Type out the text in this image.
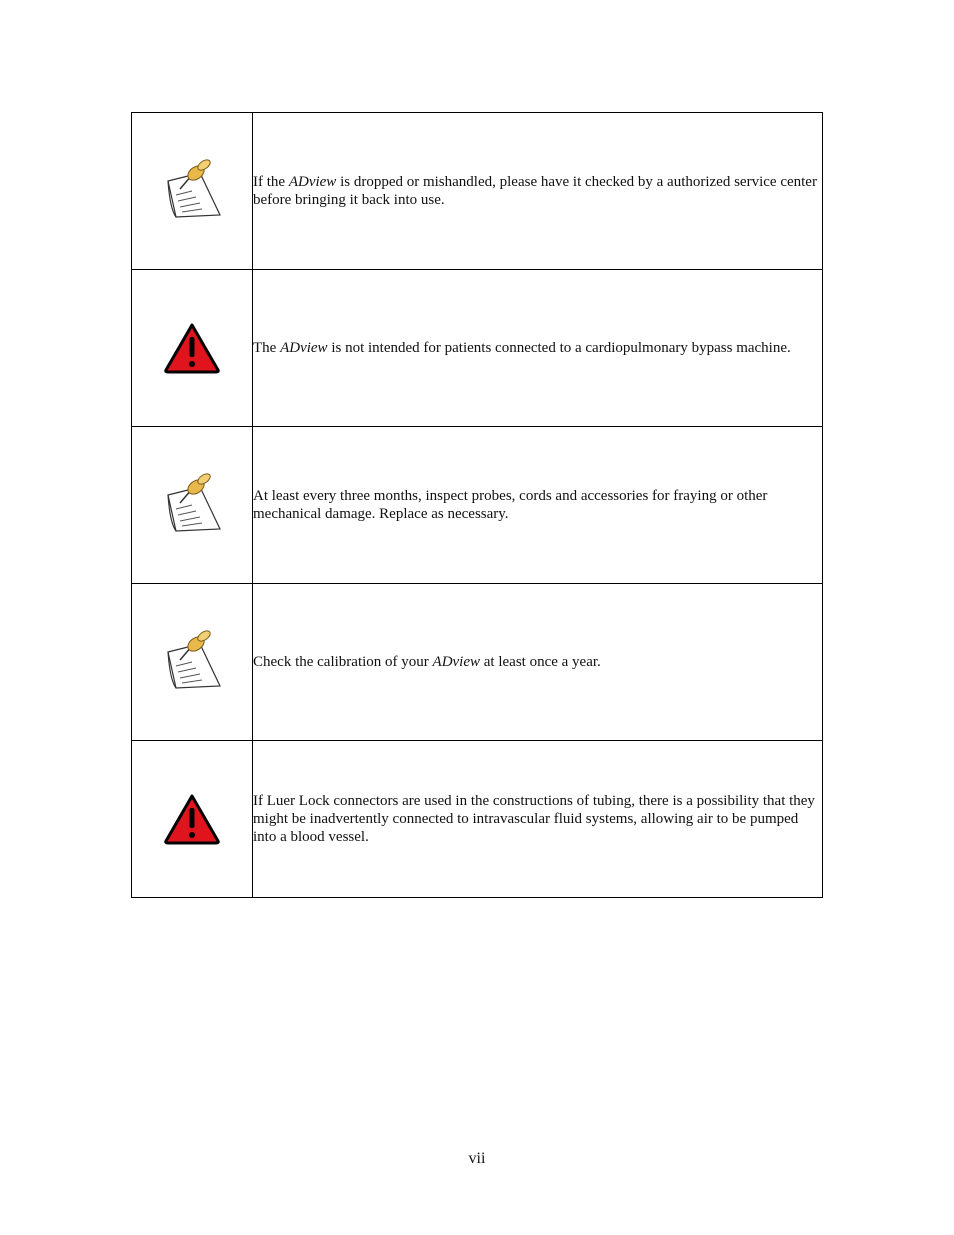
If the ADview is dropped or mishandled, please have it checked by a authorized service center before bringing it back into use.

The ADview is not intended for patients connected to a cardiopulmonary bypass machine.

At least every three months, inspect probes, cords and accessories for fraying or other mechanical damage. Replace as necessary.

Check the calibration of your ADview at least once a year.

If Luer Lock connectors are used in the constructions of tubing, there is a possibility that they might be inadvertently connected to intravascular fluid systems, allowing air to be pumped into a blood vessel.
vii
